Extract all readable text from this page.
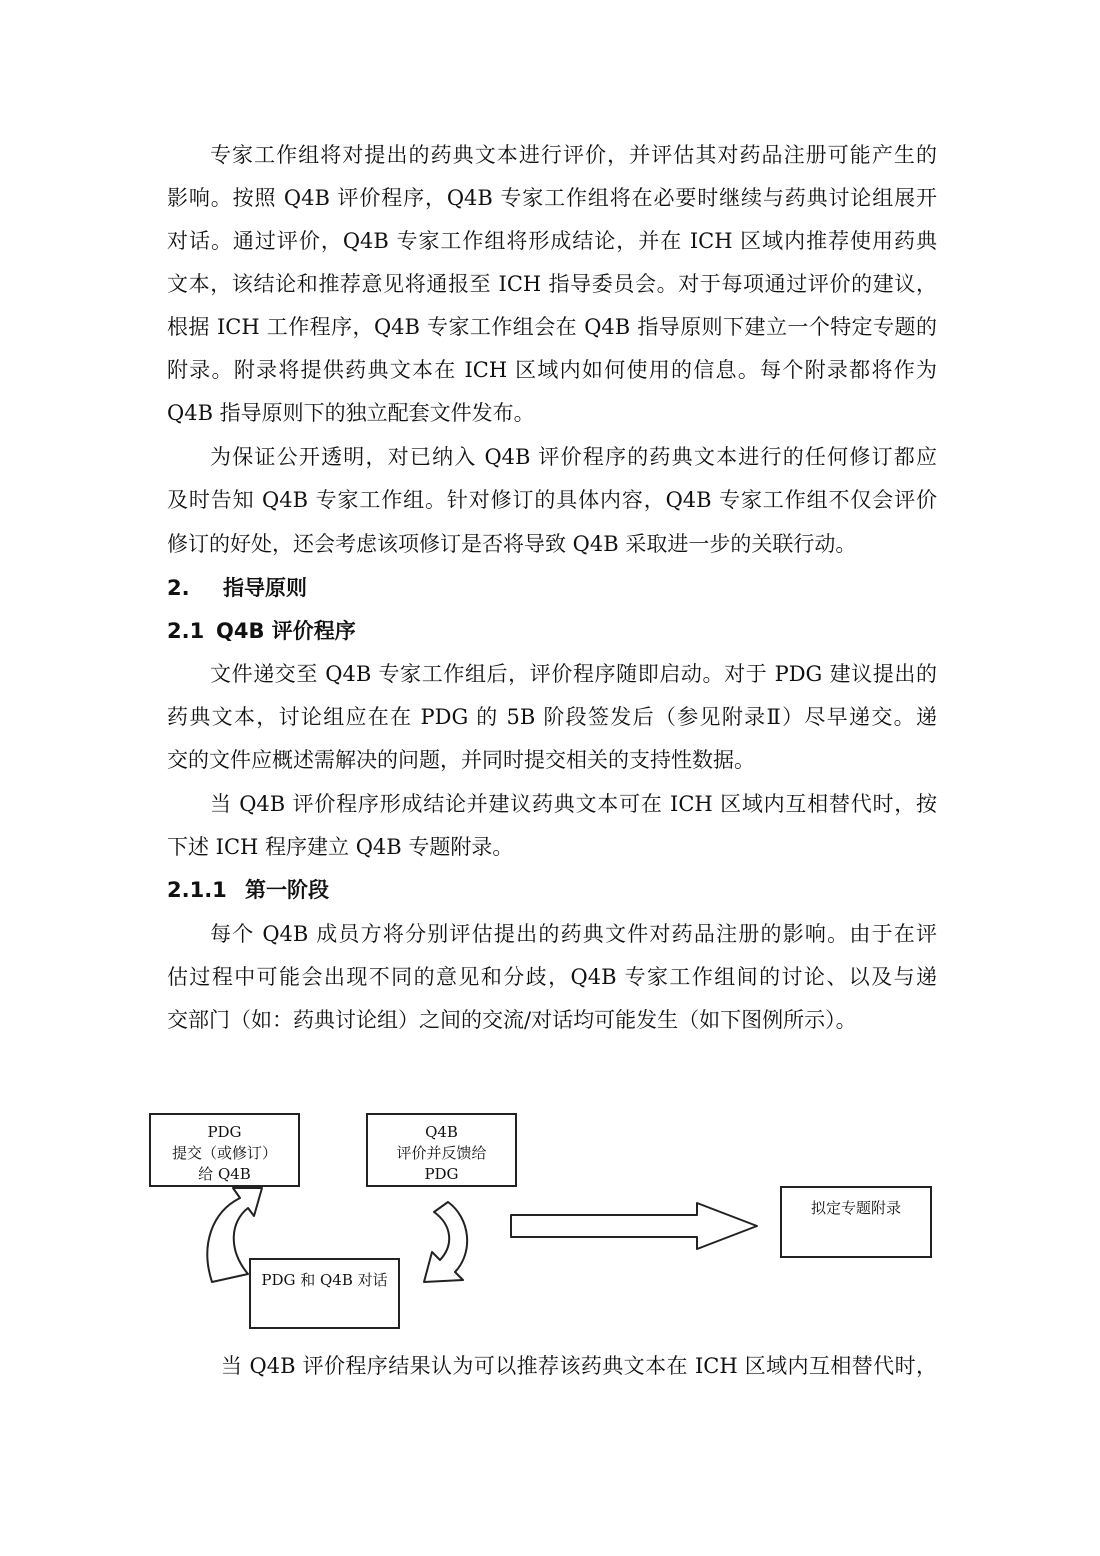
专家工作组将对提出的药典文本进行评价，并评估其对药品注册可能产生的
影响。按照 Q4B 评价程序，Q4B 专家工作组将在必要时继续与药典讨论组展开
对话。通过评价，Q4B 专家工作组将形成结论，并在 ICH 区域内推荐使用药典
文本，该结论和推荐意见将通报至 ICH 指导委员会。对于每项通过评价的建议，
根据 ICH 工作程序，Q4B 专家工作组会在 Q4B 指导原则下建立一个特定专题的
附录。附录将提供药典文本在 ICH 区域内如何使用的信息。每个附录都将作为
Q4B 指导原则下的独立配套文件发布。
为保证公开透明，对已纳入 Q4B 评价程序的药典文本进行的任何修订都应
及时告知 Q4B 专家工作组。针对修订的具体内容，Q4B 专家工作组不仅会评价
修订的好处，还会考虑该项修订是否将导致 Q4B 采取进一步的关联行动。
2. 指导原则
2.1 Q4B 评价程序
文件递交至 Q4B 专家工作组后，评价程序随即启动。对于 PDG 建议提出的
药典文本，讨论组应在在 PDG 的 5B 阶段签发后（参见附录Ⅱ）尽早递交。递
交的文件应概述需解决的问题，并同时提交相关的支持性数据。
当 Q4B 评价程序形成结论并建议药典文本可在 ICH 区域内互相替代时，按
下述 ICH 程序建立 Q4B 专题附录。
2.1.1 第一阶段
每个 Q4B 成员方将分别评估提出的药典文件对药品注册的影响。由于在评
估过程中可能会出现不同的意见和分歧，Q4B 专家工作组间的讨论、以及与递
交部门（如：药典讨论组）之间的交流/对话均可能发生（如下图例所示）。
PDG
提交（或修订）
给 Q4B
Q4B
评价并反馈给
PDG
PDG 和 Q4B 对话
拟定专题附录
当 Q4B 评价程序结果认为可以推荐该药典文本在 ICH 区域内互相替代时，
